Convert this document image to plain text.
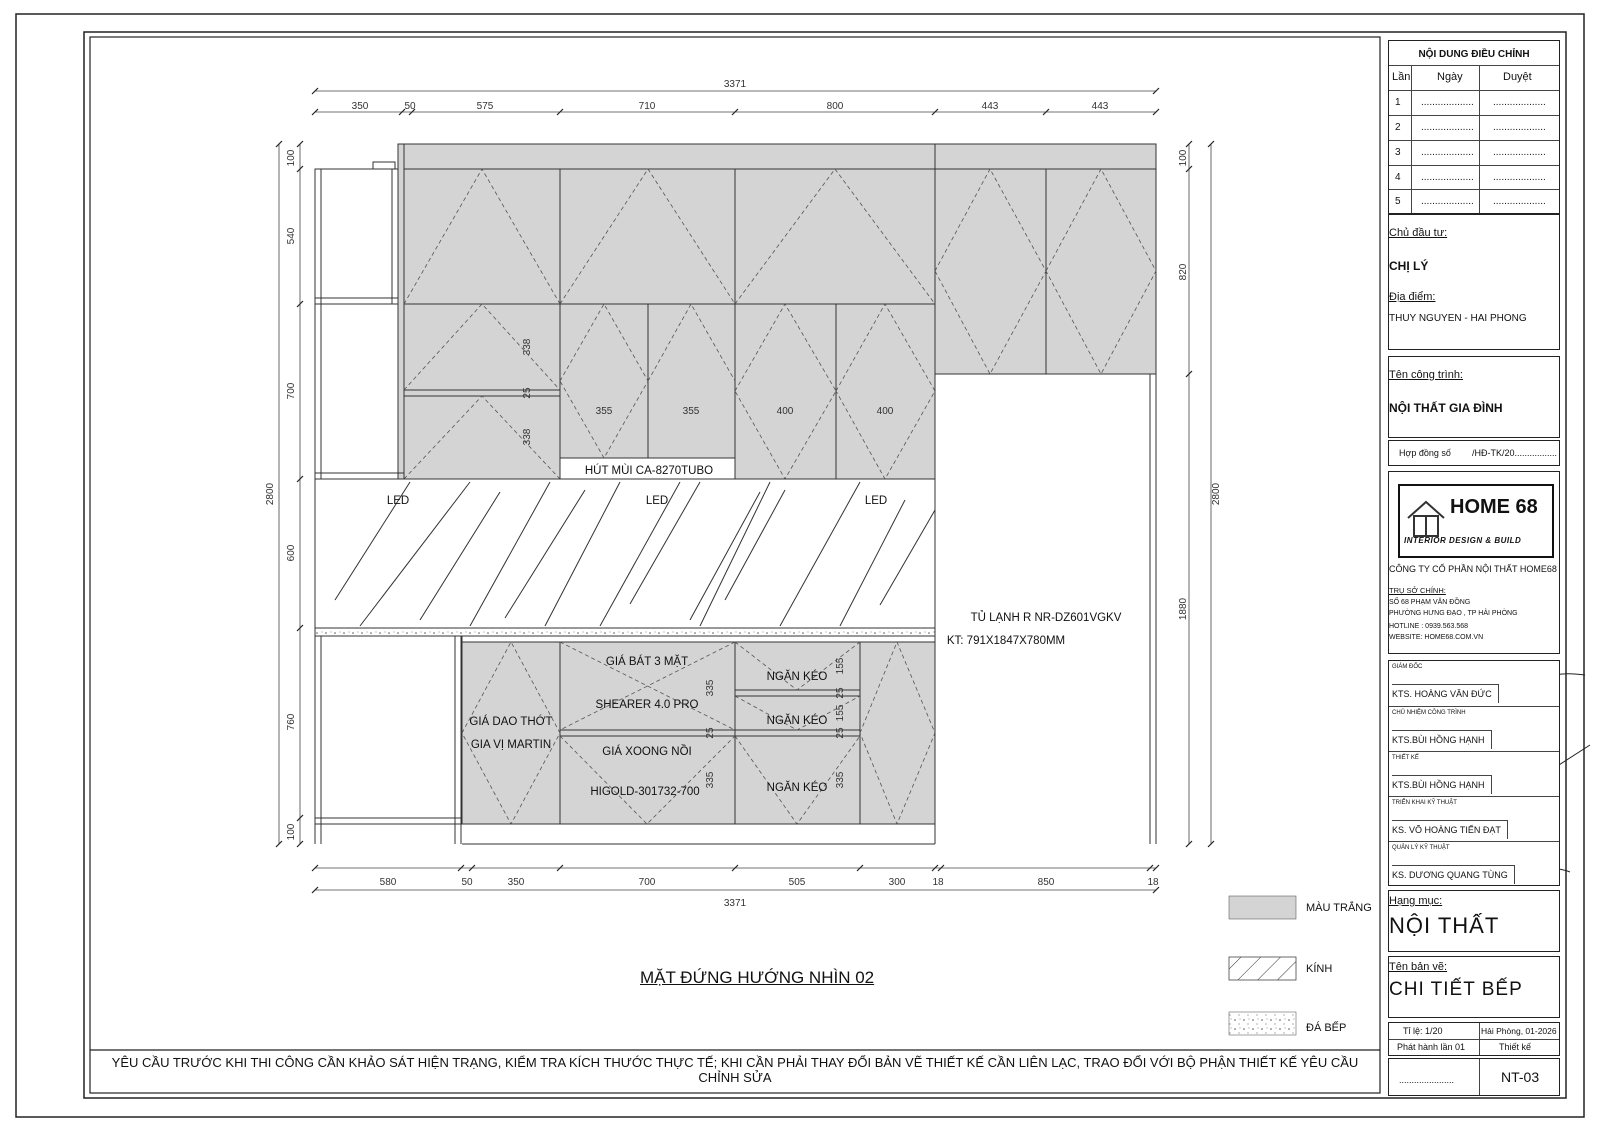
3371
350	50	575	710	800	443	443
580	50	350	700	505	300	18	850	18
3371
100
540
700
600
760
100
2800
100
820
1880
2800
338
25
338
355	355	400	400
335
25
335
155
25
155
25
335
LED	LED	LED
HÚT MÙI CA-8270TUBO
TỦ LẠNH R NR-DZ601VGKV
KT: 791X1847X780MM
GIÁ DAO THỚT
GIA VỊ MARTIN
GIÁ BÁT 3 MẶT
SHEARER 4.0 PRO
GIÁ XOONG NỒI
HIGOLD-301732-700
NGĂN KÉO
NGĂN KÉO
NGĂN KÉO
MẶT ĐỨNG HƯỚNG NHÌN 02
YÊU CẦU TRƯỚC KHI THI CÔNG CẦN KHẢO SÁT HIỆN TRẠNG, KIỂM TRA KÍCH THƯỚC THỰC TẾ; KHI CẦN PHẢI THAY ĐỔI BẢN VẼ THIẾT KẾ CẦN LIÊN LẠC, TRAO ĐỔI VỚI BỘ PHẬN THIẾT KẾ YÊU CẦU CHỈNH SỬA
MÀU TRẮNG
KÍNH
ĐÁ BẾP
NỘI DUNG ĐIỀU CHỈNH
Lần Ngày	Duyệt
1 ................... ...................
2 ................... ...................
3 ................... ...................
4 ................... ...................
5 ................... ...................
Chủ đầu tư:
CHỊ LÝ
Địa điểm:
THUY NGUYEN - HAI PHONG
Tên công trình:
NỘI THẤT GIA ĐÌNH
Hợp đồng số /HĐ-TK/20.................
HOME 68
INTERIOR DESIGN & BUILD
CÔNG TY CỔ PHẦN NỘI THẤT HOME68
TRỤ SỞ CHÍNH:
SỐ 68 PHẠM VĂN ĐỒNG
PHƯỜNG HƯNG ĐẠO , TP HẢI PHÒNG
HOTLINE : 0939.563.568
WEBSITE: HOME68.COM.VN
GIÁM ĐỐC
KTS. HOÀNG VĂN ĐỨC
CHỦ NHIỆM CÔNG TRÌNH
KTS.BÙI HỒNG HẠNH
THIẾT KẾ
KTS.BÙI HỒNG HẠNH
TRIỂN KHAI KỸ THUẬT
KS. VÕ HOÀNG TIẾN ĐẠT
QUẢN LÝ KỸ THUẬT
KS. DƯƠNG QUANG TÙNG
Hạng mục:
NỘI THẤT
Tên bản vẽ:
CHI TIẾT BẾP
Tỉ lệ: 1/20	Hải Phòng, 01-2026
Phát hành lần 01	Thiết kế
......................	NT-03
